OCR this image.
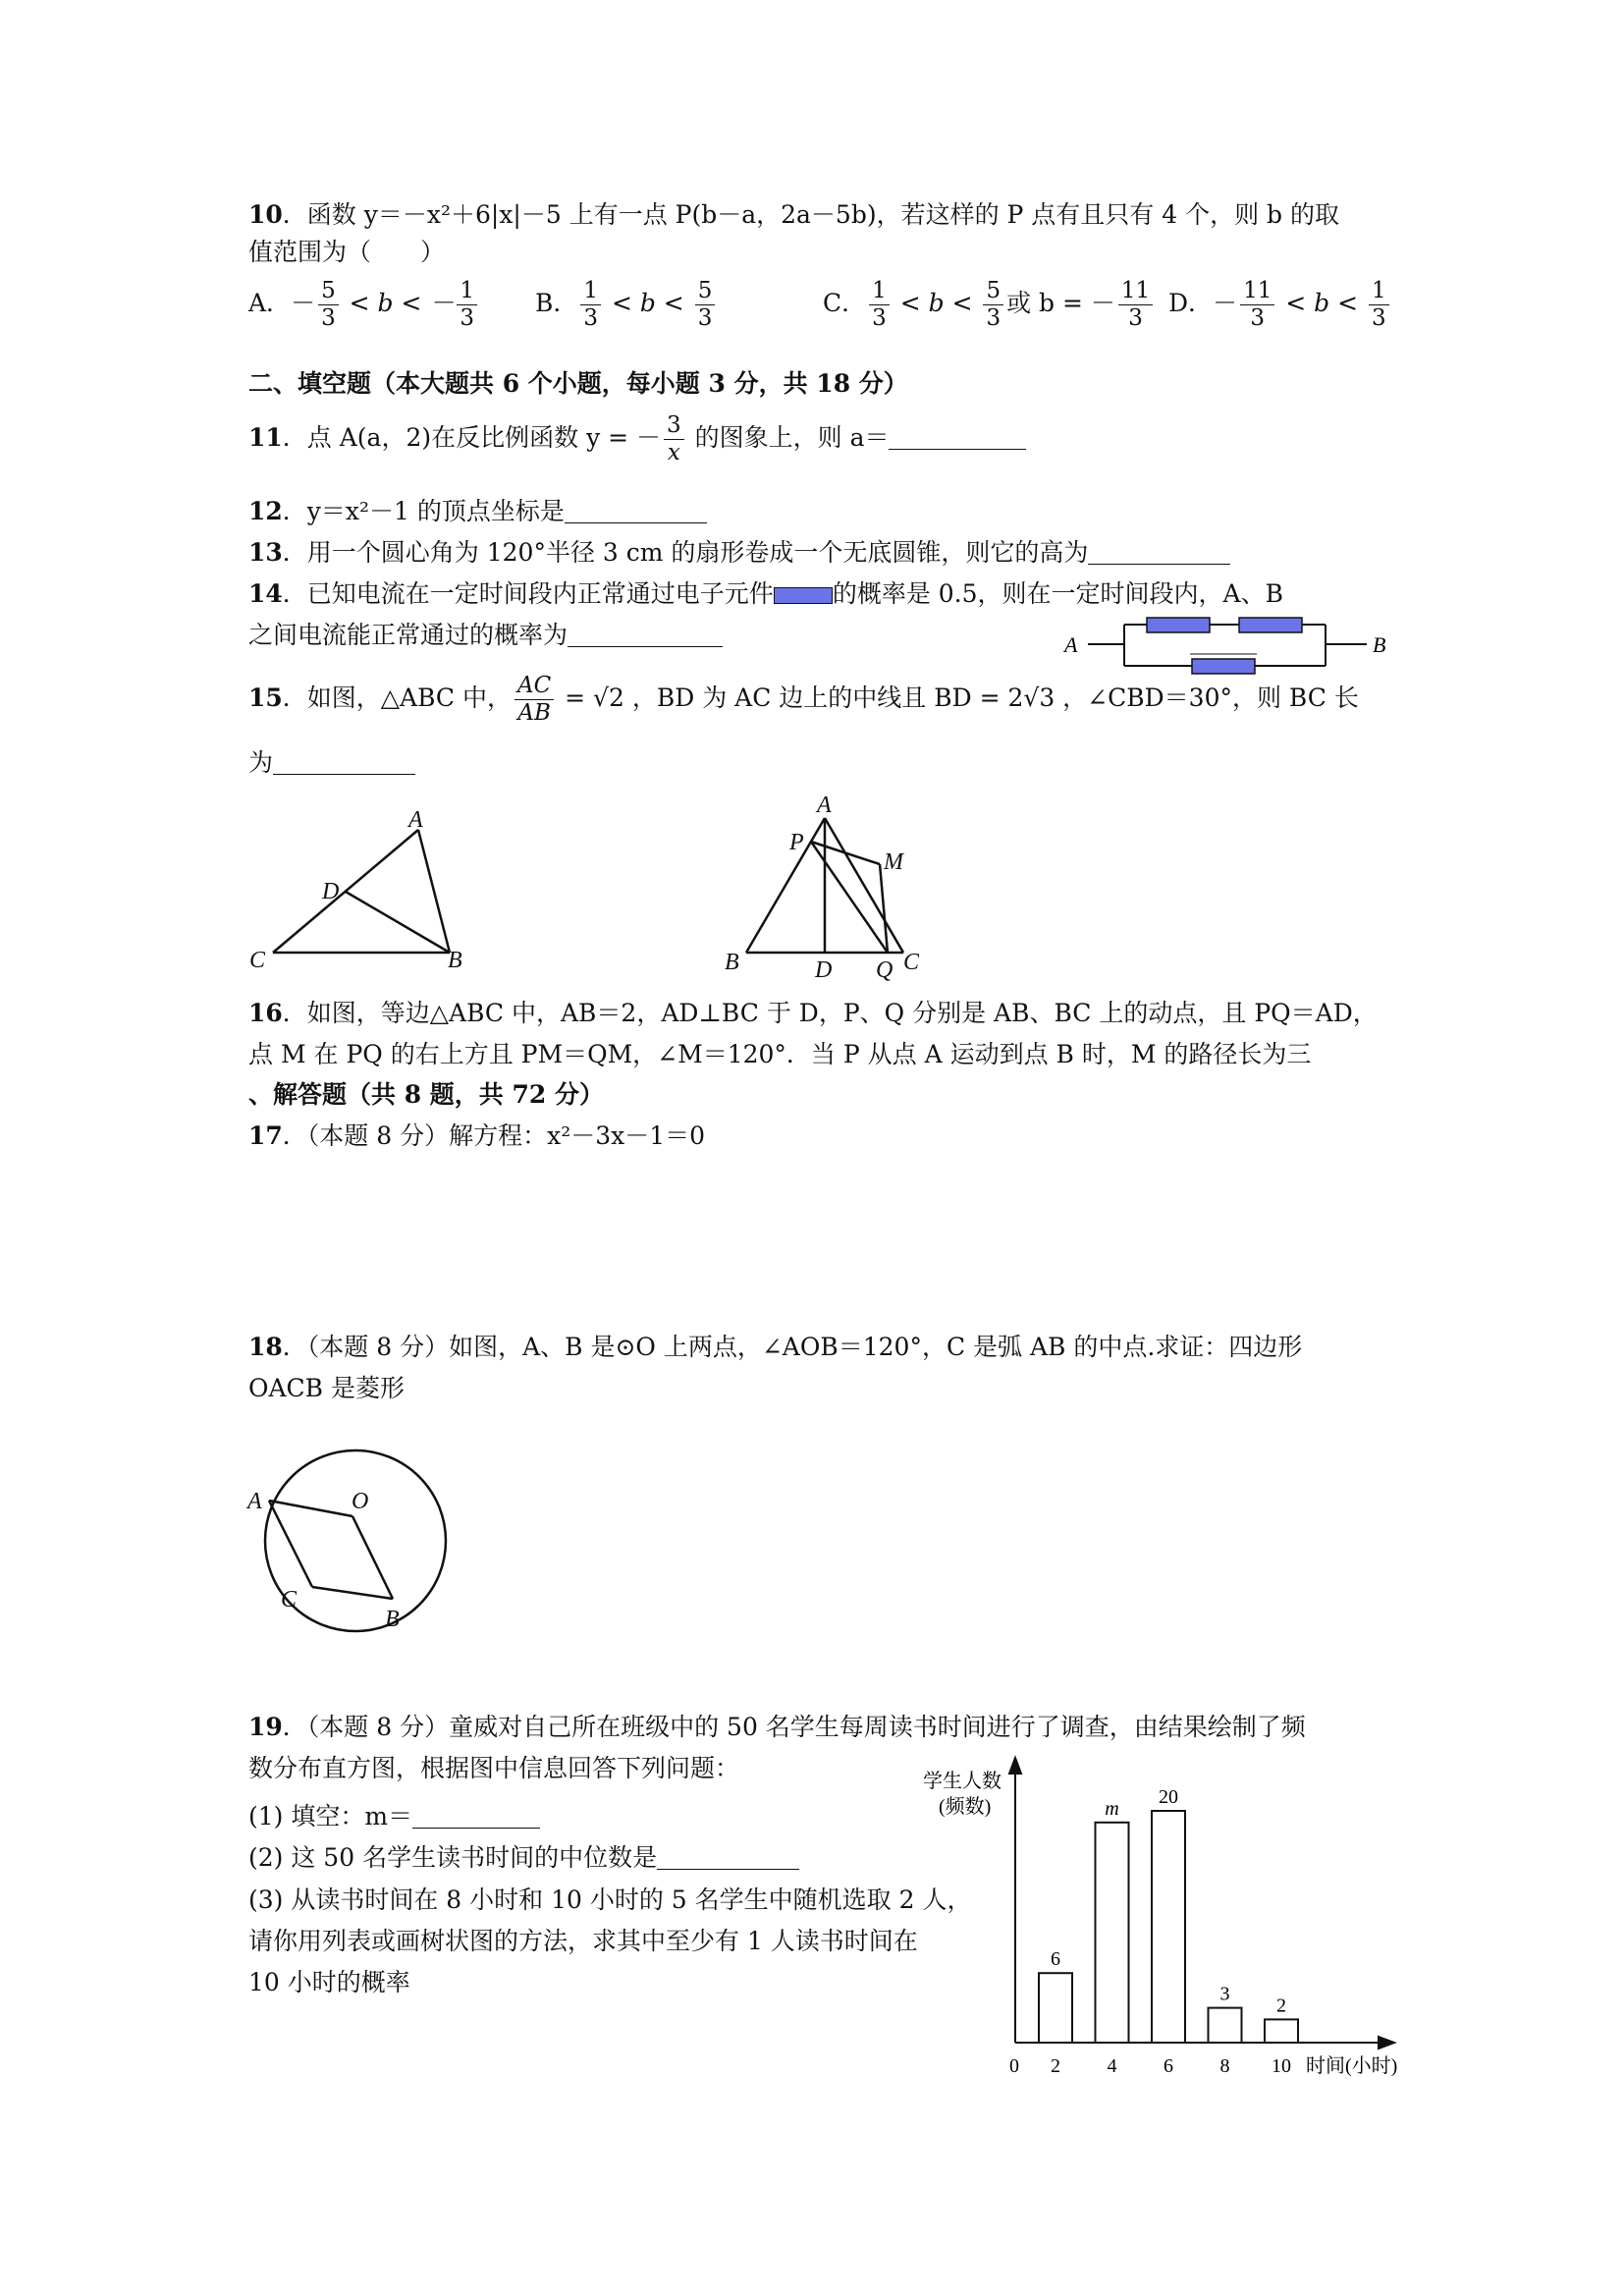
10．函数 y＝－x²＋6|x|－5 上有一点 P(b－a，2a－5b)，若这样的 P 点有且只有 4 个，则 b 的取
值范围为（　　）
A．－ $\frac{5}{3} < b$ < － $\frac{1}{3}$ B． $\frac{1}{3} < b < \frac{5}{3}$	C． $\frac{1}{3} < b < \frac{5}{3}$ 或 b = － $\frac{11}{3}$ D．－ $\frac{11}{3} < b < \frac{1}{3}$
二、填空题（本大题共 6 个小题，每小题 3 分，共 18 分）
11．点 A(a，2)在反比例函数 y = － $\frac{3}{x}$ 的图象上，则 a＝
12．y＝x²－1 的顶点坐标是
13．用一个圆心角为 120°半径 3 cm 的扇形卷成一个无底圆锥，则它的高为
14．已知电流在一定时间段内正常通过电子元件 的概率是 0.5，则在一定时间段内，A、B
之间电流能正常通过的概率为	A	B
15．如图，△ABC 中， $\frac{AC}{AB} = √2$ ，BD 为 AC 边上的中线且 BD = 2√3 ，∠CBD＝30°，则 BC 长
为
A
D
C	B
A
P
M
B	D Q C
16．如图，等边△ABC 中，AB＝2，AD⊥BC 于 D，P、Q 分别是 AB、BC 上的动点，且 PQ＝AD，
点 M 在 PQ 的右上方且 PM＝QM，∠M＝120°．当 P 从点 A 运动到点 B 时，M 的路径长为三
、解答题（共 8 题，共 72 分）
17．（本题 8 分）解方程：x²－3x－1＝0
18．（本题 8 分）如图，A、B 是⊙O 上两点，∠AOB＝120°，C 是弧 AB 的中点.求证：四边形
OACB 是菱形
A	O
C
B
19．（本题 8 分）童威对自己所在班级中的 50 名学生每周读书时间进行了调查，由结果绘制了频
数分布直方图，根据图中信息回答下列问题：
(1) 填空：m＝
(2) 这 50 名学生读书时间的中位数是
(3) 从读书时间在 8 小时和 10 小时的 5 名学生中随机选取 2 人，
请你用列表或画树状图的方法，求其中至少有 1 人读书时间在
10 小时的概率
学生人数
(频数)
0	时间(小时)
6
2
m
4
20
6
3
8
2
10
